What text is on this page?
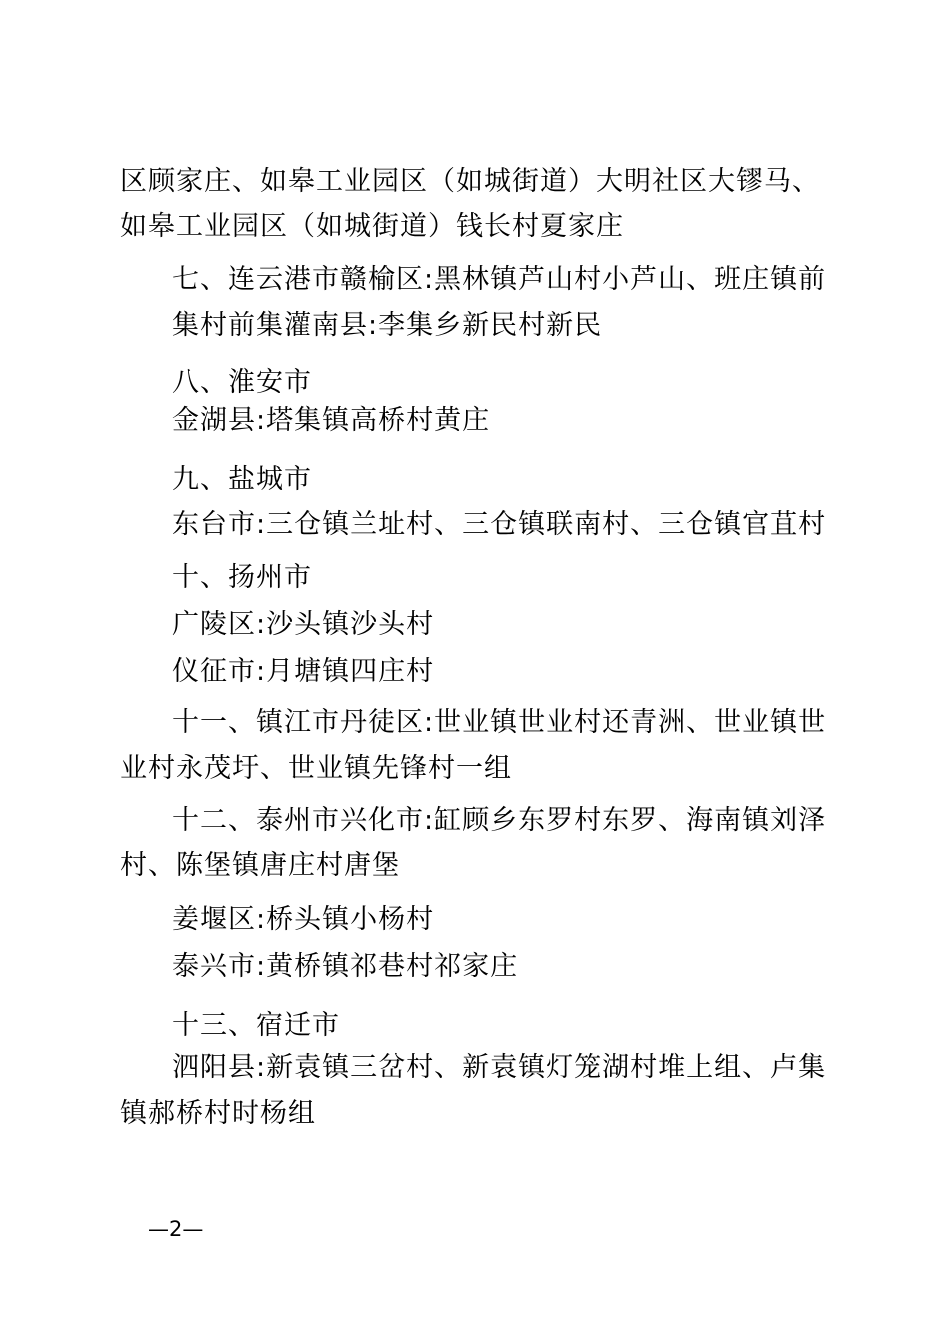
区顾家庄、如皋工业园区（如城街道）大明社区大镠马、
如皋工业园区（如城街道）钱长村夏家庄
七、连云港市赣榆区:黑林镇芦山村小芦山、班庄镇前
集村前集灌南县:李集乡新民村新民
八、淮安市
金湖县:塔集镇高桥村黄庄
九、盐城市
东台市:三仓镇兰址村、三仓镇联南村、三仓镇官苴村
十、扬州市
广陵区:沙头镇沙头村
仪征市:月塘镇四庄村
十一、镇江市丹徒区:世业镇世业村还青洲、世业镇世
业村永茂圩、世业镇先锋村一组
十二、泰州市兴化市:缸顾乡东罗村东罗、海南镇刘泽
村、陈堡镇唐庄村唐堡
姜堰区:桥头镇小杨村
泰兴市:黄桥镇祁巷村祁家庄
十三、宿迁市
泗阳县:新袁镇三岔村、新袁镇灯笼湖村堆上组、卢集
镇郝桥村时杨组
—2—
